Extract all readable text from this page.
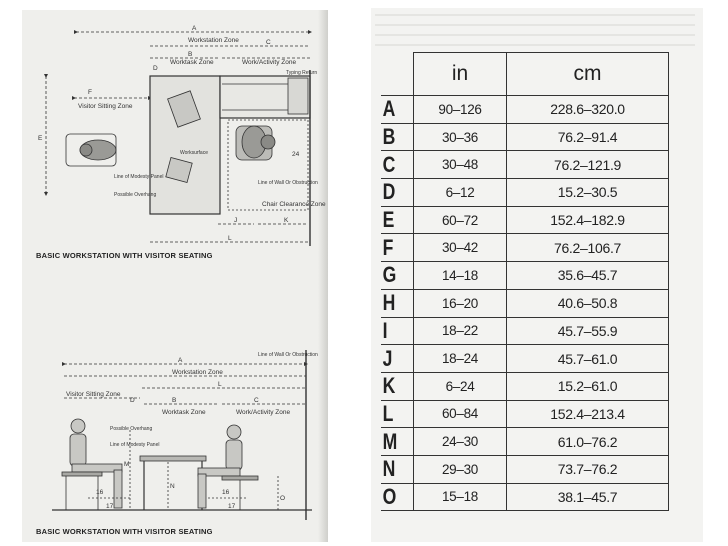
A
Workstation Zone	C
B
D
Worktask Zone	Work/Activity Zone
Typing Return
F
Visitor Sitting Zone
E
Worksurface
Line of Modesty Panel
Possible Overhang
Line of Wall Or Obstruction
24
Chair Clearance Zone
J	K
L
Line of Wall Or Obstruction
A
Workstation Zone
L
Visitor Sitting Zone
B	C
D
Worktask Zone	Work/Activity Zone
Possible Overhang
Line of Modesty Panel
M
N
O
16	16
17	17
BASIC WORKSTATION WITH VISITOR SEATING
BASIC WORKSTATION WITH VISITOR SEATING
	in	cm
A	90–126	228.6–320.0
B	30–36	76.2–91.4
C	30–48	76.2–121.9
D	6–12	15.2–30.5
E	60–72	152.4–182.9
F	30–42	76.2–106.7
G	14–18	35.6–45.7
H	16–20	40.6–50.8
I	18–22	45.7–55.9
J	18–24	45.7–61.0
K	6–24	15.2–61.0
L	60–84	152.4–213.4
M	24–30	61.0–76.2
N	29–30	73.7–76.2
O	15–18	38.1–45.7
